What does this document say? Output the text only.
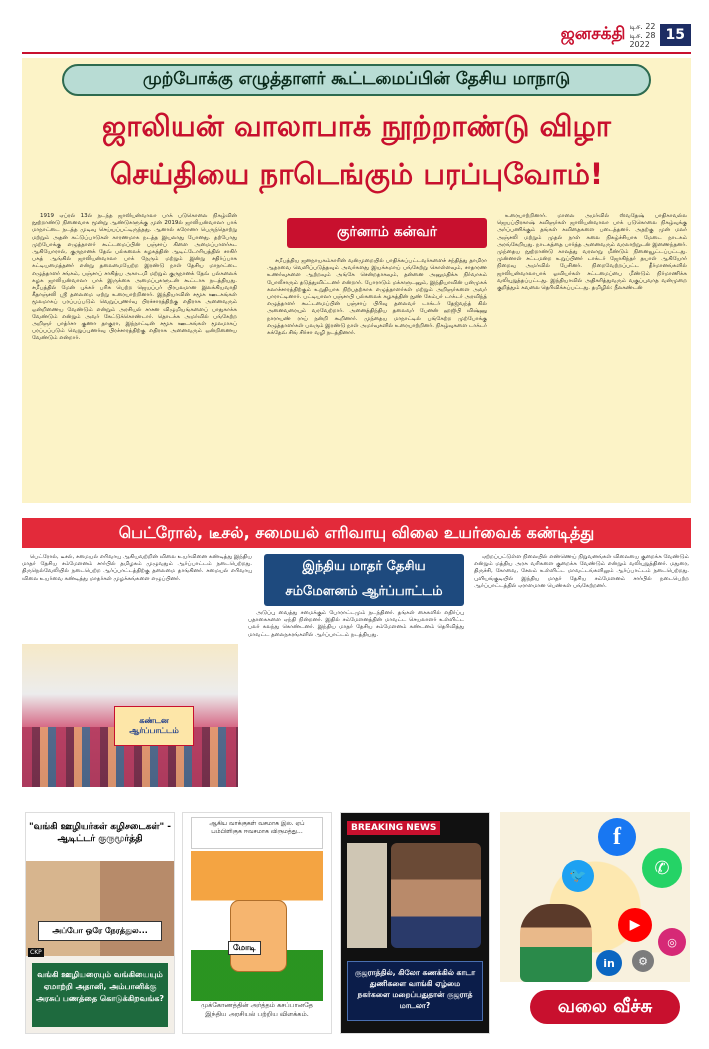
ஜனசக்தி டிச. 22
டிச. 28
2022
15
முற்போக்கு எழுத்தாளர் கூட்டமைப்பின் தேசிய மாநாடு
ஜாலியன் வாலாபாக் நூற்றாண்டு விழா
செய்தியை நாடெங்கும் பரப்புவோம்!

1919 ஏப்ரல் 13ல் நடந்த ஜாலியன்வாலா பாக் படுகொலை நிகழ்வின் நூற்றாண்டு நினைவாக மூன்று ஆண்டுகளுக்கு முன் 2019ல் ஜாலியன்வாலா பாக் மாநாட்டை நடத்த முடிவு செய்யப்பட்டிருந்தது. ஆனால் கரோனா பெருந்தொற்று மற்றும் அதன் கட்டுப்பாடுகள் காரணமாக நடத்த இயலாது போனது. தற்போது முற்போக்கு எழுத்தாளர் கூட்டமைப்பின் பஞ்சாப் கிளை அமைப்பாளர்கட ஆகியோரால், குருநானக் தேவ் பல்கலைக் கழகத்தின் ஆடிட்டோரியத்தில் சாகிர் பகத் ஆங்கில் ஜாலியன்வாலா பாக் நேரும் மற்றும் இன்று சதிர்ப்பாக கட்டியமைத்தனர் என்று தலைமையேற்ற இரண்டு நாள் தேசிய மாநாட்டை எழுத்தாளர் சங்கம், பஞ்சாப் சாகித்ய அகாடமி மற்றும் குருநானக் தேவ் பல்கலைக் கழக ஜாலியன்வாலா பாக் இருக்கை அமைப்புகளுடன் கூட்டாக நடத்தியது. சமீபத்தில் மேன் புக்கர் பரிசு பெற்ற ஜெயப்பர் பிரபலமான இலக்கியவாதி கீதாஞ்சலி ஸ்ரீ தலைமை ஏற்று உரையாற்றினார். இந்தியாவின் சமூக ஊடகங்கள் மூலமாகப் பரப்பப்படும் வெறுப்புணர்வு பிரச்சாரத்திற்கு எதிராக அனைவரும் ஒன்றிணைய வேண்டும் என்றும் அரசியல் சாசன விழுமியங்களைப் பாதுகாக்க வேண்டும் என்றும் அவர் கேட்டுக்கொண்டார். தொடக்க அமர்வில் பங்கேற்ற அறிஞர் பாத்ர்சா குணா தாகுரா, இந்நாட்டின் சமூக ஊடகங்கள் மூலமாகப் பரப்பப்படும் வெறுப்புணர்வு பிரச்சாரத்திற்கு எதிராக அனைவரும் ஒன்றிணைய வேண்டும் என்றார்.

சமீபத்திய ஜனநாயகம்காரின் வன்முறையில் பாதிக்கப்பட்டவர்களைச் சந்தித்து தாமிரா ஆதரவை வெளிப்படுத்தவும் அவர்களது இயக்கமாய் பங்கேற்று கொள்ளவும், சாதாரண உணர்வுகளை ஆற்றவும் அங்கே சென்றதாகவும், தன்னை அனுமதிக்க நிர்வாகம் போலீசாரும் தடுத்துவிட்டனர் என்றார். போராடும் மக்களுடனும், இந்தியாவின் பன்முகக் கலாச்சாரத்திற்கும் உறுதியாக நிற்பதற்காக எழுத்தாளர்கள் மற்றும் அறிஞர்களை அவர் பாராட்டினார். பட்டியாலா பஞ்சாபி பல்கலைக் கழகத்தின் நுண் கேம்பர் டாக்டர் அரவிந்த் எழுத்தாளர் கூட்டமைப்பின் பஞ்சாப் பிரிவு தலைவர் டாக்டர் தேஜ்வந்த் கில் அனைவரையும் வரவேற்றார். அனைத்திந்திய தலைவர் பேனன் ஹஜிபி விஷ்ணு நாராயண் ராய் நன்றி கூறினார். முந்தைய மாநாட்டில் பங்கேற்ற முற்போக்கு எழுத்தாளர்கள் பலரும் இரண்டு நாள் அமர்வுகளில் உரையாற்றினர். நிகழ்வுகளை டாக்டர் சுக்தேவ் சிங் சிர்சா வழி நடத்தினார்.

உரையாற்றினார். மாலை அமர்வில் ஸ்வதேஷ் பாதிகாவல்ல ஜெயப்பிரகாஷ் கவிஞர்கள் ஜாலியன்வாலா பாக் படுகொலை நிகழ்வுக்கு அர்ப்பணிக்கும் தங்கள் கவிதைகளை படைத்தனர். அதற்கு முன் மலர் அஞ்சலி மற்றும் முதல் நாள் கலை நிகழ்ச்சியாக மேடை நாடகம் அரங்கேறியது. நாடகத்தை பார்த்த அனைவரும் வரலாற்றுடன் இணைந்தனர். முந்தைய நூற்றாண்டு காலத்து வரலாறு மீண்டும் நினைவூட்டப்பட்டது. முன்னாள் சட்டமன்ற உறுப்பினர் டாக்டர் ஜோகிந்தர் தயாள் ஆகியோர் நிறைவு அமர்வில் பேசினர். நிறைவேற்றப்பட்ட தீர்மானங்களில் ஜாலியன்வாலாபாக் ஓவியர்கள் சட்டமைப்பை மீண்டும் நிர்மாணிக்க வலியுறுத்தப்பட்டது. இந்தியாவில் அதிகரித்துவரும் வகுப்புவாத வன்முறை குறித்தும் கவலை தெரிவிக்கப்பட்டது. தமிழில்: நீலகண்டன்

குர்னாம் கன்வர்
பெட்ரோல், டீசல், சமையல் எரிவாயு விலை உயர்வைக் கண்டித்து

பெட்ரோல், டீசல், சமையல் எரிவாயு ஆகியவற்றின் விலை உயர்வினை கண்டித்து இந்திய மாதர் தேசிய சம்மேளனம் சார்பில் தமிழகம் முழுவதும் ஆர்ப்பாட்டம் நடைபெற்றது. திருநெல்வேலியில் நடைபெற்ற ஆர்ப்பாட்டத்திற்கு தலைமை தாங்கினர். சமையல் எரிவாயு விலை உயர்வை கண்டித்து மாதர்கள் முழக்கங்களை எழுப்பினர்.

இந்திய மாதர் தேசிய
சம்மேளனம் ஆர்ப்பாட்டம்

அடுப்பு வைத்து சமைக்கும் போராட்டமும் நடந்தினர். தங்கள் கைகளில் எதிர்ப்பு பதாகைகளை ஏந்தி நின்றனர். இதில் சம்மேளனத்தின் மாவட்ட செயலாளர் உள்ளிட்ட பலர் கலந்து கொண்டனர். இந்திய மாதர் தேசிய சம்மேளனம் கண்டனம் தெரிவித்து மாவட்ட தலைநகரங்களில் ஆர்ப்பாட்டம் நடத்தியது.

ஏற்றப்பட்டுள்ள நிலையில் எண்ணெய் நிறுவனங்கள் விலையை குறைக்க வேண்டும் என்றும் மத்திய அரசு வரிகளை குறைக்க வேண்டும் என்றும் வலியுறுத்தினர். மதுரை, திருச்சி, கோவை, சேலம் உள்ளிட்ட மாவட்டங்களிலும் ஆர்ப்பாட்டம் நடைபெற்றது. புளியங்குடியில் இந்திய மாதர் தேசிய சம்மேளனம் சார்பில் நடைபெற்ற ஆர்ப்பாட்டத்தில் ஏராளமான பெண்கள் பங்கேற்றனர்.

கண்டன ஆர்ப்பாட்டம்
"வங்கி ஊழியர்கள் கழிசடைகள்" - ஆடிட்டர் குருமூர்த்தி
அப்போ ஒரே நேரத்துல...
CKP
வங்கி ஊழியரையும் வங்கியையும் ஏமாற்றி அதானி, அம்பானிக்கு அரசுப் பணத்தை கொடுக்கிறவங்க?
ஆகிய வாக்குகள் வசமாக இல. ஏப் பம்பிளிகுக ஈவசமாக விருமத்து...
மோடி
முக்கோணத்தின் அர்த்தம் கசப்பானதே இந்திய அரசியல் பற்றிய விளக்கம்.
BREAKING NEWS
குஜராத்தில், கிலோ கணக்கில் காடா துணிகளை வாங்கி ஏழ்மை நகர்களை மறைப்பதுதான் குஜராத் மாடலா?
f
🐦	✆
▶
in
◎
⚙
வலை வீச்சு
